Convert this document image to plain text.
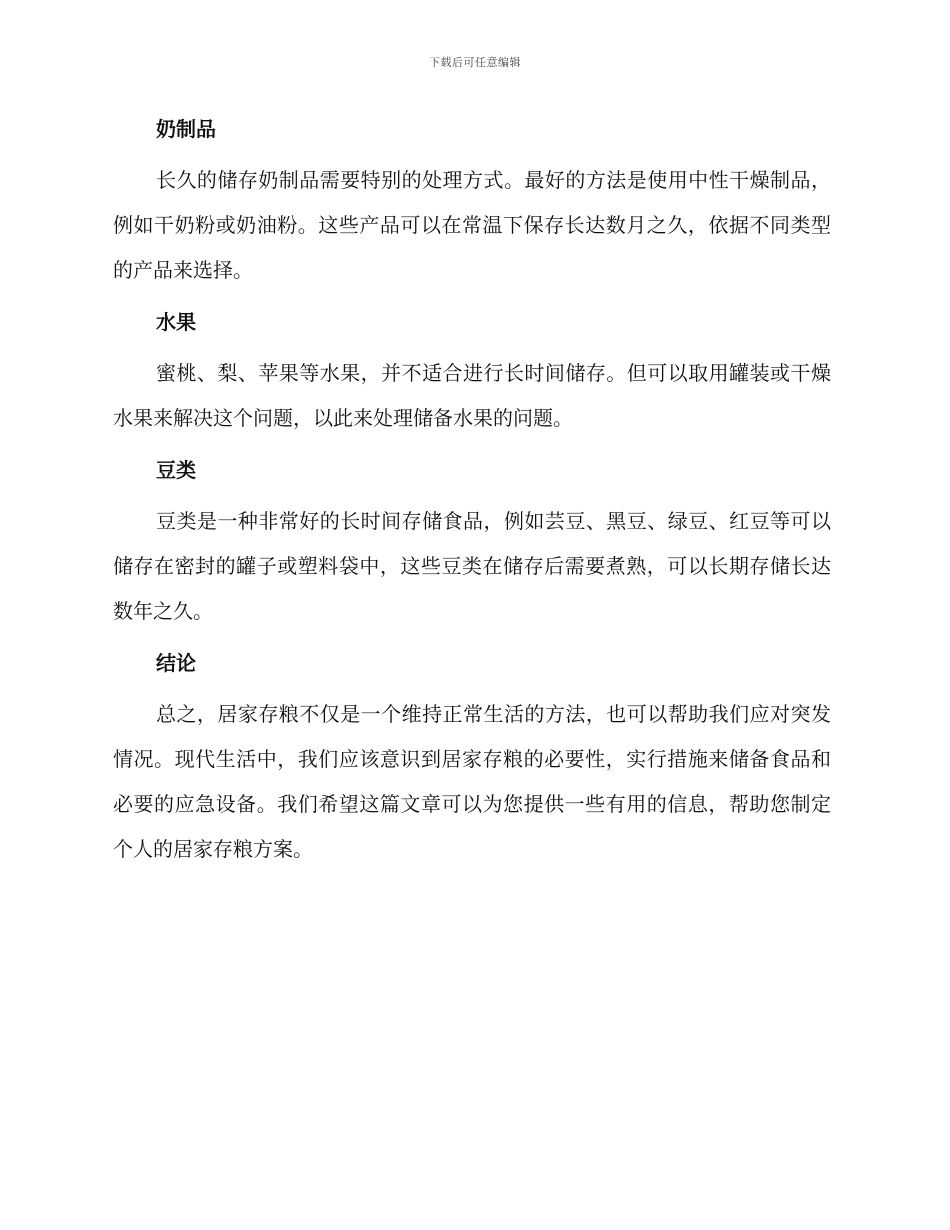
下载后可任意编辑
奶制品

长久的储存奶制品需要特别的处理方式。最好的方法是使用中性干燥制品，例如干奶粉或奶油粉。这些产品可以在常温下保存长达数月之久，依据不同类型的产品来选择。

水果

蜜桃、梨、苹果等水果，并不适合进行长时间储存。但可以取用罐装或干燥水果来解决这个问题，以此来处理储备水果的问题。

豆类

豆类是一种非常好的长时间存储食品，例如芸豆、黑豆、绿豆、红豆等可以储存在密封的罐子或塑料袋中，这些豆类在储存后需要煮熟，可以长期存储长达数年之久。

结论

总之，居家存粮不仅是一个维持正常生活的方法，也可以帮助我们应对突发情况。现代生活中，我们应该意识到居家存粮的必要性，实行措施来储备食品和必要的应急设备。我们希望这篇文章可以为您提供一些有用的信息，帮助您制定个人的居家存粮方案。
